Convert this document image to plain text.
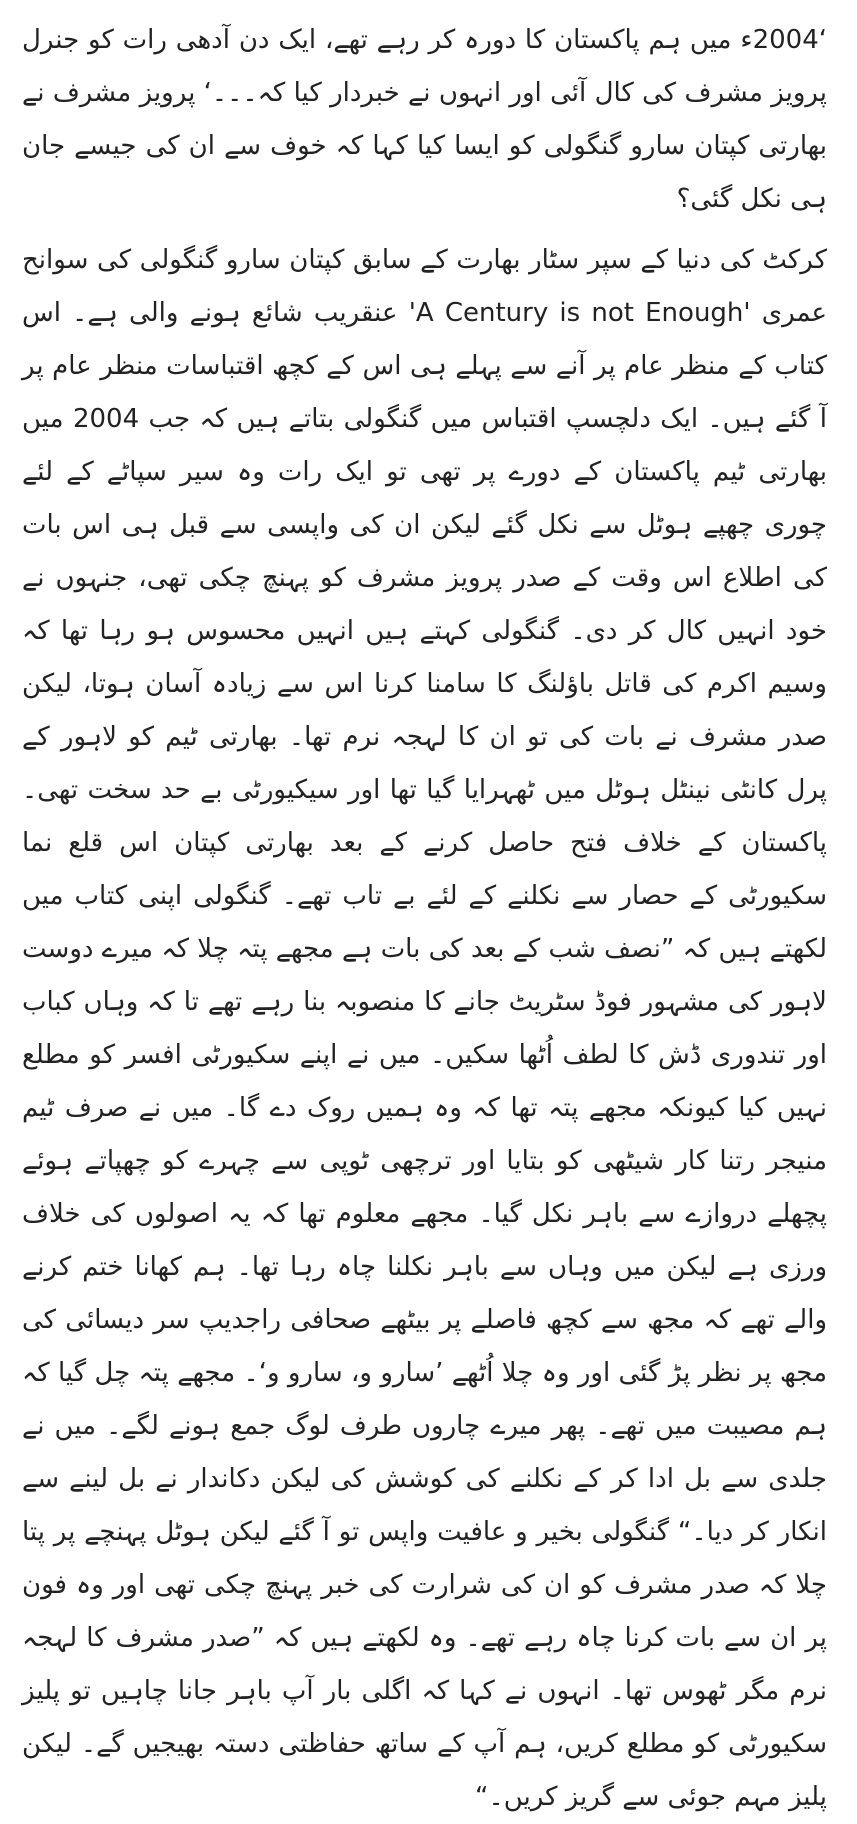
‘2004ء میں ہم پاکستان کا دورہ کر رہے تھے، ایک دن آدھی رات کو جنرل پرویز مشرف کی کال آئی اور انہوں نے خبردار کیا کہ۔۔۔‘ پرویز مشرف نے بھارتی کپتان سارو گنگولی کو ایسا کیا کہا کہ خوف سے ان کی جیسے جان ہی نکل گئی؟

کرکٹ کی دنیا کے سپر سٹار بھارت کے سابق کپتان سارو گنگولی کی سوانح عمری 'A Century is not Enough' عنقریب شائع ہونے والی ہے۔ اس کتاب کے منظر عام پر آنے سے پہلے ہی اس کے کچھ اقتباسات منظر عام پر آ گئے ہیں۔ ایک دلچسپ اقتباس میں گنگولی بتاتے ہیں کہ جب 2004 میں بھارتی ٹیم پاکستان کے دورے پر تھی تو ایک رات وہ سیر سپاٹے کے لئے چوری چھپے ہوٹل سے نکل گئے لیکن ان کی واپسی سے قبل ہی اس بات کی اطلاع اس وقت کے صدر پرویز مشرف کو پہنچ چکی تھی، جنہوں نے خود انہیں کال کر دی۔ گنگولی کہتے ہیں انہیں محسوس ہو رہا تھا کہ وسیم اکرم کی قاتل باﺅلنگ کا سامنا کرنا اس سے زیادہ آسان ہوتا، لیکن صدر مشرف نے بات کی تو ان کا لہجہ نرم تھا۔ بھارتی ٹیم کو لاہور کے پرل کانٹی نینٹل ہوٹل میں ٹھہرایا گیا تھا اور سیکیورٹی بے حد سخت تھی۔ پاکستان کے خلاف فتح حاصل کرنے کے بعد بھارتی کپتان اس قلع نما سکیورٹی کے حصار سے نکلنے کے لئے بے تاب تھے۔ گنگولی اپنی کتاب میں لکھتے ہیں کہ ”نصف شب کے بعد کی بات ہے مجھے پتہ چلا کہ میرے دوست لاہور کی مشہور فوڈ سٹریٹ جانے کا منصوبہ بنا رہے تھے تا کہ وہاں کباب اور تندوری ڈش کا لطف اُٹھا سکیں۔ میں نے اپنے سکیورٹی افسر کو مطلع نہیں کیا کیونکہ مجھے پتہ تھا کہ وہ ہمیں روک دے گا۔ میں نے صرف ٹیم منیجر رتنا کار شیٹھی کو بتایا اور ترچھی ٹوپی سے چہرے کو چھپاتے ہوئے پچھلے دروازے سے باہر نکل گیا۔ مجھے معلوم تھا کہ یہ اصولوں کی خلاف ورزی ہے لیکن میں وہاں سے باہر نکلنا چاہ رہا تھا۔ ہم کھانا ختم کرنے والے تھے کہ مجھ سے کچھ فاصلے پر بیٹھے صحافی راجدیپ سر دیسائی کی مجھ پر نظر پڑ گئی اور وہ چلا اُٹھے ’سارو و، سارو و‘۔ مجھے پتہ چل گیا کہ ہم مصیبت میں تھے۔ پھر میرے چاروں طرف لوگ جمع ہونے لگے۔ میں نے جلدی سے بل ادا کر کے نکلنے کی کوشش کی لیکن دکاندار نے بل لینے سے انکار کر دیا۔“ گنگولی بخیر و عافیت واپس تو آ گئے لیکن ہوٹل پہنچے پر پتا چلا کہ صدر مشرف کو ان کی شرارت کی خبر پہنچ چکی تھی اور وہ فون پر ان سے بات کرنا چاہ رہے تھے۔ وہ لکھتے ہیں کہ ”صدر مشرف کا لہجہ نرم مگر ٹھوس تھا۔ انہوں نے کہا کہ اگلی بار آپ باہر جانا چاہیں تو پلیز سکیورٹی کو مطلع کریں، ہم آپ کے ساتھ حفاظتی دستہ بھیجیں گے۔ لیکن پلیز مہم جوئی سے گریز کریں۔“
